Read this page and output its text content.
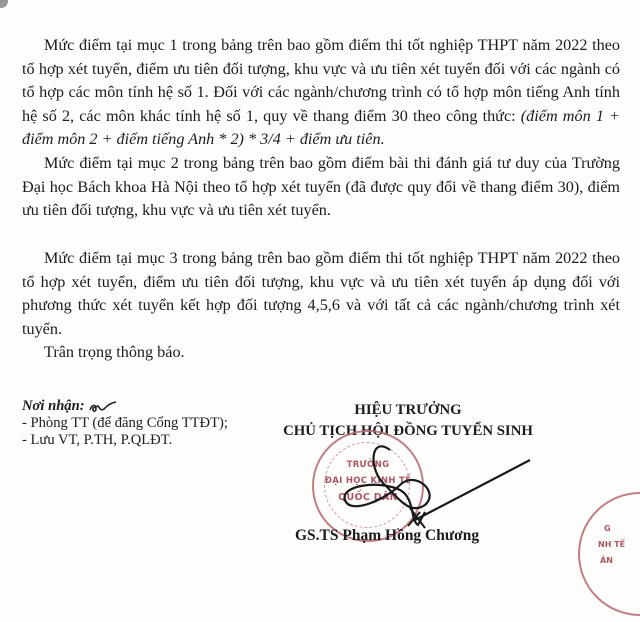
Mức điểm tại mục 1 trong bảng trên bao gồm điểm thi tốt nghiệp THPT năm 2022 theo tổ hợp xét tuyển, điểm ưu tiên đối tượng, khu vực và ưu tiên xét tuyển đối với các ngành có tổ hợp các môn tính hệ số 1. Đối với các ngành/chương trình có tổ hợp môn tiếng Anh tính hệ số 2, các môn khác tính hệ số 1, quy về thang điểm 30 theo công thức: (điểm môn 1 + điểm môn 2 + điểm tiếng Anh * 2) * 3/4 + điểm ưu tiên.

Mức điểm tại mục 2 trong bảng trên bao gồm điểm bài thi đánh giá tư duy của Trường Đại học Bách khoa Hà Nội theo tổ hợp xét tuyển (đã được quy đổi về thang điểm 30), điểm ưu tiên đối tượng, khu vực và ưu tiên xét tuyển.

Mức điểm tại mục 3 trong bảng trên bao gồm điểm thi tốt nghiệp THPT năm 2022 theo tổ hợp xét tuyển, điểm ưu tiên đối tượng, khu vực và ưu tiên xét tuyển áp dụng đối với phương thức xét tuyển kết hợp đối tượng 4,5,6 và với tất cả các ngành/chương trình xét tuyển.

Trân trọng thông báo.
Nơi nhận:
- Phòng TT (để đăng Cổng TTĐT);
- Lưu VT, P.TH, P.QLĐT.
HIỆU TRƯỞNG
CHỦ TỊCH HỘI ĐỒNG TUYỂN SINH
TRƯỜNG
ĐẠI HỌC KINH TẾ
QUỐC DÂN
GS.TS Phạm Hồng Chương	G
NH TẾ
ÂN
